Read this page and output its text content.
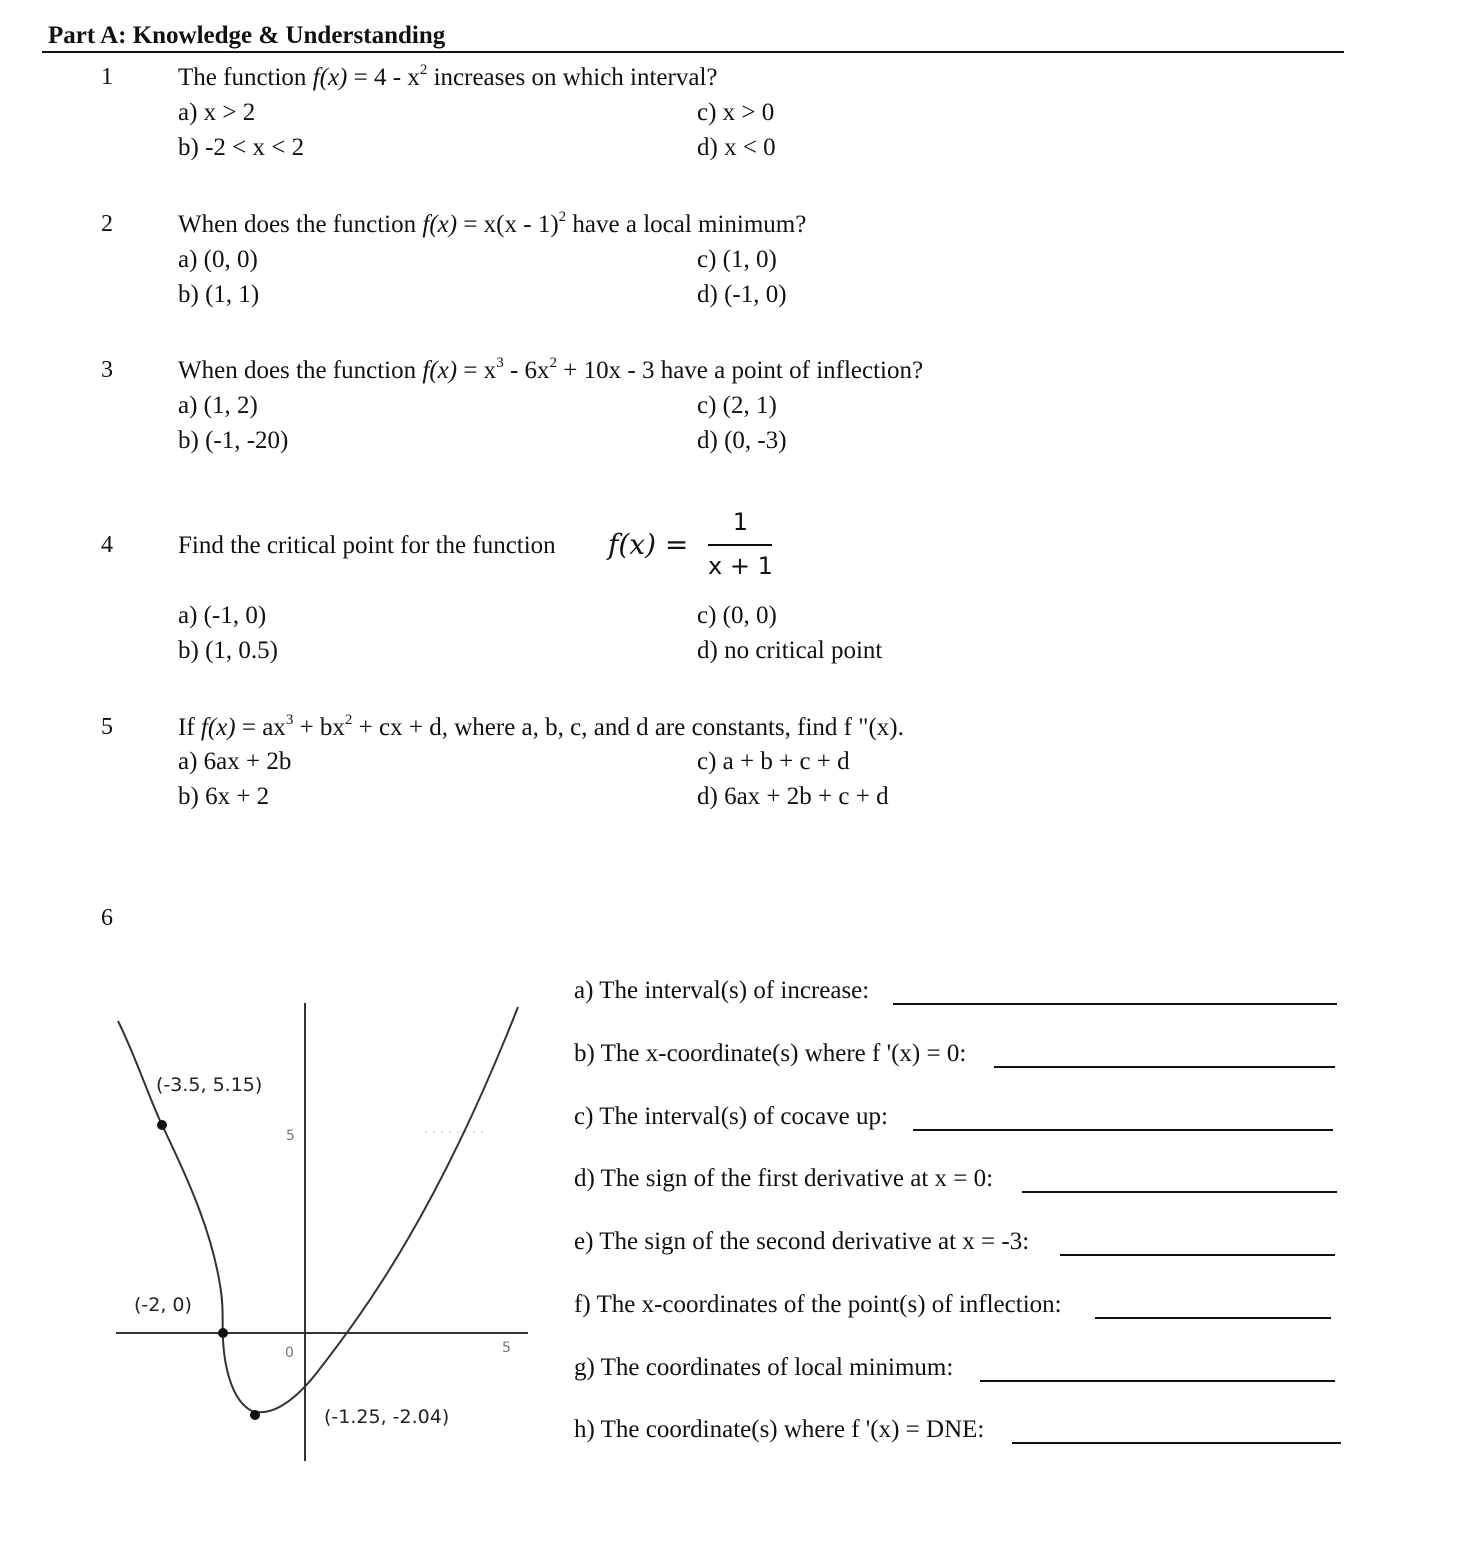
Part A: Knowledge & Understanding
1	The function $f(x) = 4 - x^2$ increases on which interval?
a) x > 2
b) -2 < x < 2
c) x > 0
d) x < 0
2	When does the function f(x) = x(x - 1)$^2$ have a local minimum?
a) (0, 0)
b) (1, 1)
c) (1, 0)
d) (-1, 0)
3	When does the function $f(x) = x^3 - 6x^2 + 10x - 3$ have a point of inflection?
a) (1, 2)
b) (-1, -20)
c) (2, 1)
d) (0, -3)
4	Find the critical point for the function f(x) =
1
x + 1
a) (-1, 0)
b) (1, 0.5)
c) (0, 0)
d) no critical point
5	If $f(x) = ax^3 + bx^2$ + cx + d, where a, b, c, and d are constants, find f "(x).
a) 6ax + 2b
b) 6x + 2
c) a + b + c + d
d) 6ax + 2b + c + d
6
(-3.5, 5.15)
(-2, 0)
(-1.25, -2.04)
5
0	5
a) The interval(s) of increase:
b) The x-coordinate(s) where f '(x) = 0:
c) The interval(s) of cocave up:
d) The sign of the first derivative at x = 0:
e) The sign of the second derivative at x = -3:
f) The x-coordinates of the point(s) of inflection:
g) The coordinates of local minimum:
h) The coordinate(s) where f '(x) = DNE:
